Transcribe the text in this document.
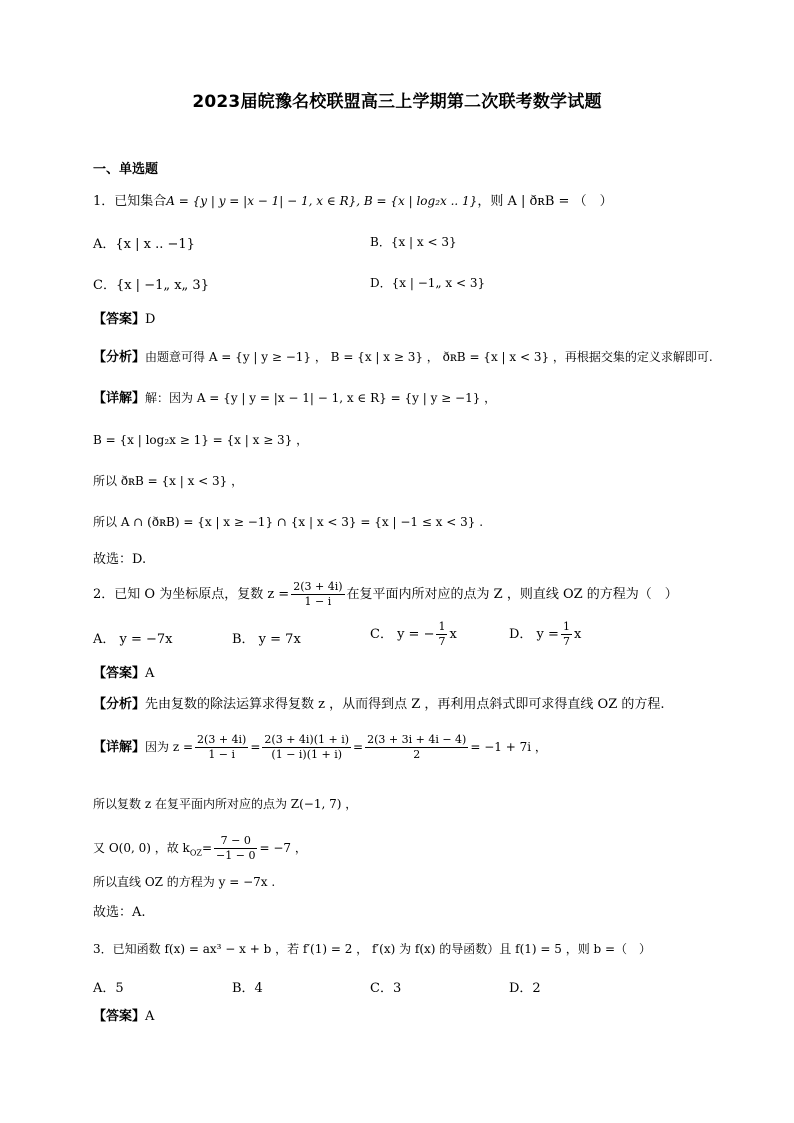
2023届皖豫名校联盟高三上学期第二次联考数学试题
一、单选题
1．已知集合A = {y | y = |x − 1| − 1, x ∈ R}, B = {x | log₂x .. 1}，则 A | ðʀB = （　）
A．{x | x .. −1}	B．{x | x < 3}
C．{x | −1„ x„ 3}	D．{x | −1„ x < 3}
【答案】D
【分析】由题意可得 A = {y | y ≥ −1} ， B = {x | x ≥ 3} ， ðʀB = {x | x < 3} ，再根据交集的定义求解即可.
【详解】解：因为 A = {y | y = |x − 1| − 1, x ∈ R} = {y | y ≥ −1} ，
B = {x | log₂x ≥ 1} = {x | x ≥ 3} ，
所以 ðʀB = {x | x < 3} ，
所以 A ∩ (ðʀB) = {x | x ≥ −1} ∩ {x | x < 3} = {x | −1 ≤ x < 3} .
故选：D.
2．已知 O 为坐标原点，复数 $z = \frac{2(3 + 4i)}{1 - i}$ 在复平面内所对应的点为 Z ，则直线 OZ 的方程为（　）
A． y = −7x	B． y = 7x	C． y = − $\frac{1}{7}$ x	D． $y = \frac{1}{7}$ x
【答案】A
【分析】先由复数的除法运算求得复数 z ，从而得到点 Z ，再利用点斜式即可求得直线 OZ 的方程.
【详解】因为 $z = \frac{2(3 + 4i)}{1 - i} = \frac{2(3 + 4i)(1 + i)}{(1 - i)(1 + i)} = \frac{2(3 + 3i + 4i - 4)}{2} = -1 + 7i$ ，
所以复数 z 在复平面内所对应的点为 Z(−1, 7) ，
又 O(0, 0) ，故 $k_{OZ}= \frac{7 - 0}{-1 - 0} = -7$ ，
所以直线 OZ 的方程为 y = −7x .
故选：A.
3．已知函数 f(x) = ax³ − x + b ，若 f′(1) = 2 ， f′(x) 为 f(x) 的导函数）且 f(1) = 5 ，则 b =（　）
A．5	B．4	C．3	D．2
【答案】A
